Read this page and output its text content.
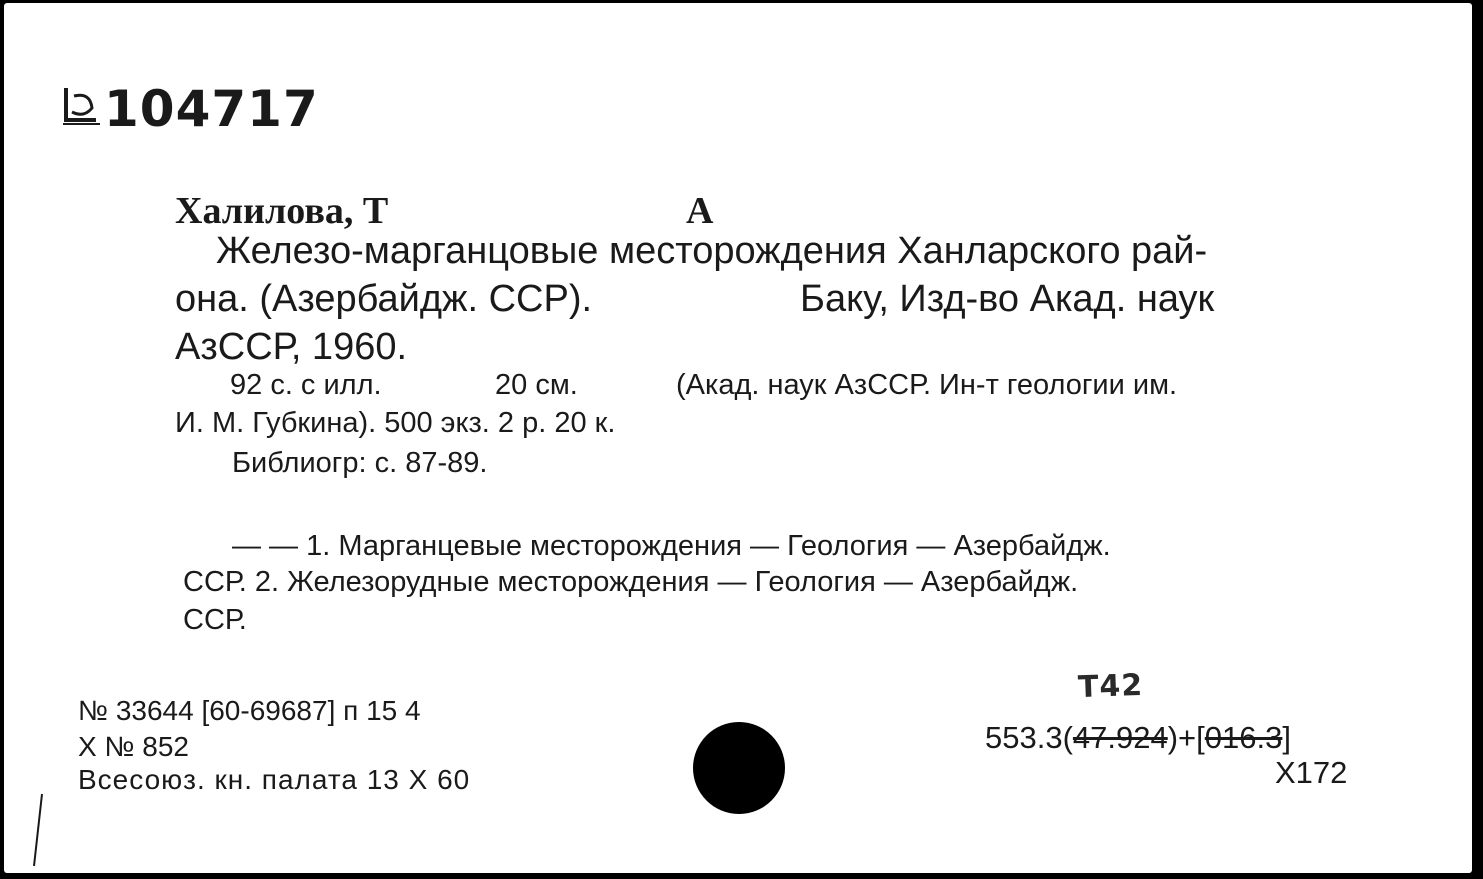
104717
Халилова, Т	А
Железо-марганцовые месторождения Ханларского рай-
она. (Азербайдж. ССР).	Баку, Изд-во Акад. наук
АзССР, 1960.
92 с. с илл.	20 см.	(Акад. наук АзССР. Ин-т геологии им.
И. М. Губкина). 500 экз. 2 р. 20 к.
Библиогр: с. 87-89.
— — 1. Марганцевые месторождения — Геология — Азербайдж.
ССР. 2. Железорудные месторождения — Геология — Азербайдж.
ССР.
№ 33644 [60-69687] п 15 4
Х № 852
Всесоюз. кн. палата 13 Х 60
Т42
553.3(47.924)+[016.3]
Х172
